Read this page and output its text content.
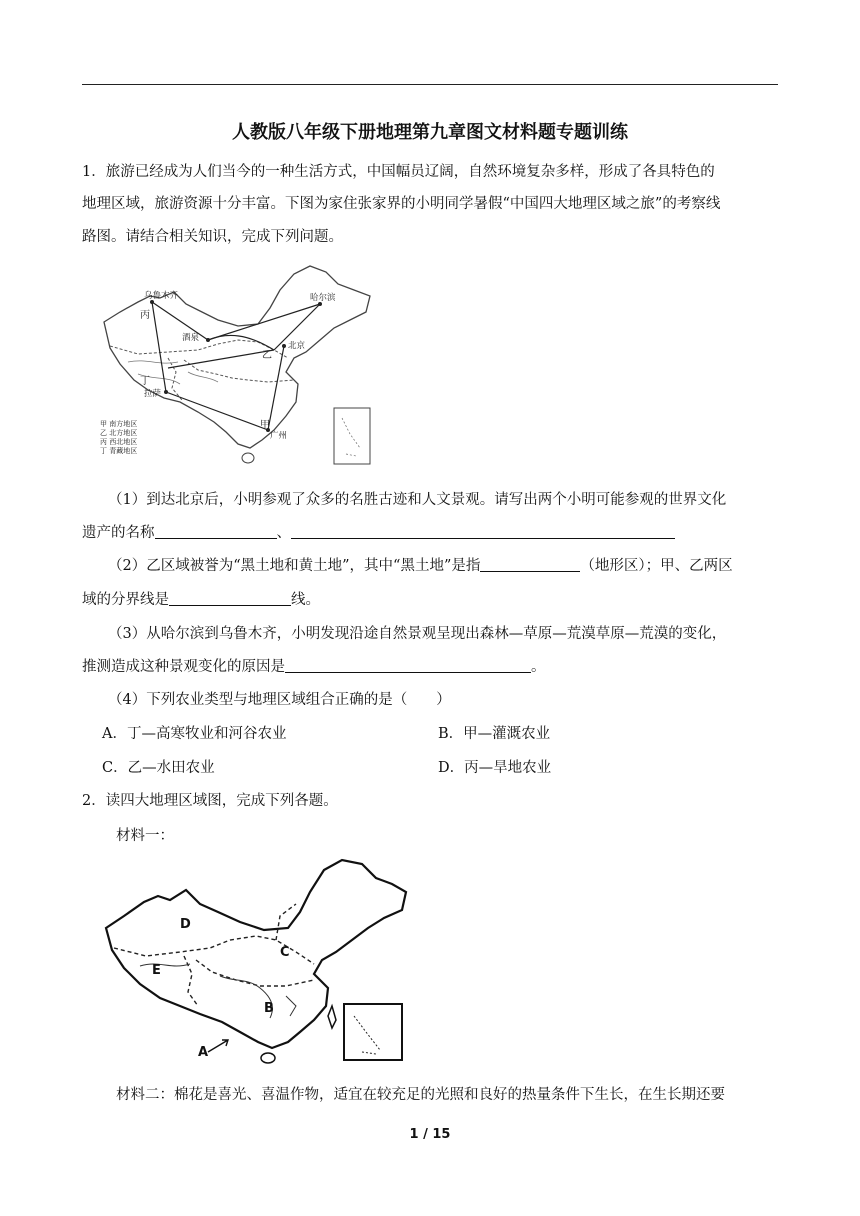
人教版八年级下册地理第九章图文材料题专题训练
1．旅游已经成为人们当今的一种生活方式，中国幅员辽阔，自然环境复杂多样，形成了各具特色的
地理区域，旅游资源十分丰富。下图为家住张家界的小明同学暑假“中国四大地理区域之旅”的考察线
路图。请结合相关知识，完成下列问题。
乌鲁木齐	哈尔滨
酒泉
北京
拉萨
广州
丙
丁
乙
甲
甲 南方地区
乙 北方地区
丙 西北地区
丁 青藏地区
（1）到达北京后，小明参观了众多的名胜古迹和人文景观。请写出两个小明可能参观的世界文化
遗产的名称	、
（2）乙区域被誉为“黑土地和黄土地”，其中“黑土地”是指	（地形区）；甲、乙两区
域的分界线是	线。
（3）从哈尔滨到乌鲁木齐，小明发现沿途自然景观呈现出森林—草原—荒漠草原—荒漠的变化，
推测造成这种景观变化的原因是	。
（4）下列农业类型与地理区域组合正确的是（　　）
A．丁—高寒牧业和河谷农业	B．甲—灌溉农业
C．乙—水田农业	D．丙—旱地农业
2．读四大地理区域图，完成下列各题。
材料一：
D
E
C
B
A
材料二：棉花是喜光、喜温作物，适宜在较充足的光照和良好的热量条件下生长，在生长期还要
1 / 15
